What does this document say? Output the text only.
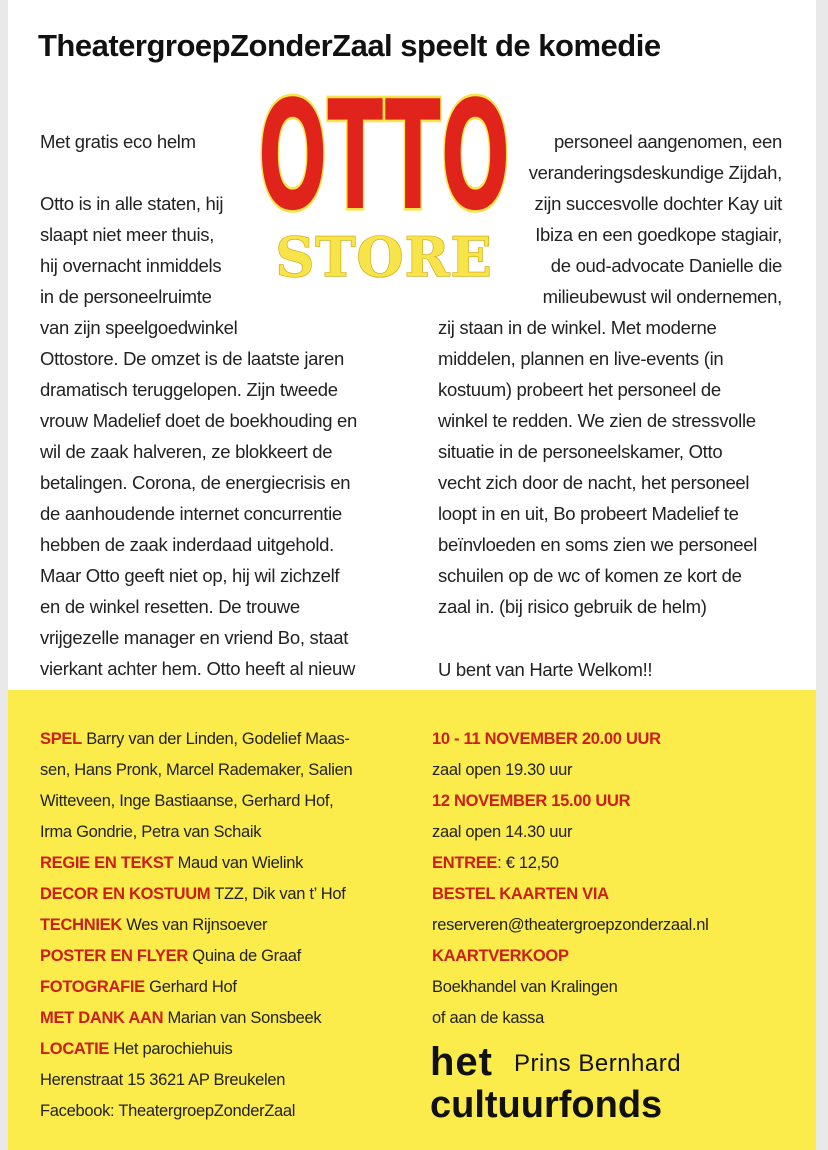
TheatergroepZonderZaal speelt de komedie
OTTO
STORE
Met gratis eco helm
Otto is in alle staten, hij
slaapt niet meer thuis,
hij overnacht inmiddels
in de personeelruimte
van zijn speelgoedwinkel
Ottostore. De omzet is de laatste jaren
dramatisch teruggelopen. Zijn tweede
vrouw Madelief doet de boekhouding en
wil de zaak halveren, ze blokkeert de
betalingen. Corona, de energiecrisis en
de aanhoudende internet concurrentie
hebben de zaak inderdaad uitgehold.
Maar Otto geeft niet op, hij wil zichzelf
en de winkel resetten. De trouwe
vrijgezelle manager en vriend Bo, staat
vierkant achter hem. Otto heeft al nieuw
personeel aangenomen, een
veranderingsdeskundige Zijdah,
zijn succesvolle dochter Kay uit
Ibiza en een goedkope stagiair,
de oud-advocate Danielle die
milieubewust wil ondernemen,
zij staan in de winkel. Met moderne
middelen, plannen en live-events (in
kostuum) probeert het personeel de
winkel te redden. We zien de stressvolle
situatie in de personeelskamer, Otto
vecht zich door de nacht, het personeel
loopt in en uit, Bo probeert Madelief te
beïnvloeden en soms zien we personeel
schuilen op de wc of komen ze kort de
zaal in. (bij risico gebruik de helm)
U bent van Harte Welkom!!
SPEL Barry van der Linden, Godelief Maas-
sen, Hans Pronk, Marcel Rademaker, Salien
Witteveen, Inge Bastiaanse, Gerhard Hof,
Irma Gondrie, Petra van Schaik
REGIE EN TEKST Maud van Wielink
DECOR EN KOSTUUM TZZ, Dik van t’ Hof
TECHNIEK Wes van Rijnsoever
POSTER EN FLYER Quina de Graaf
FOTOGRAFIE Gerhard Hof
MET DANK AAN Marian van Sonsbeek
LOCATIE Het parochiehuis
Herenstraat 15 3621 AP Breukelen
Facebook: TheatergroepZonderZaal
10 - 11 NOVEMBER 20.00 UUR
zaal open 19.30 uur
12 NOVEMBER 15.00 UUR
zaal open 14.30 uur
ENTREE: € 12,50
BESTEL KAARTEN VIA
reserveren@theatergroepzonderzaal.nl
KAARTVERKOOP
Boekhandel van Kralingen
of aan de kassa
het Prins Bernhard
cultuurfonds
